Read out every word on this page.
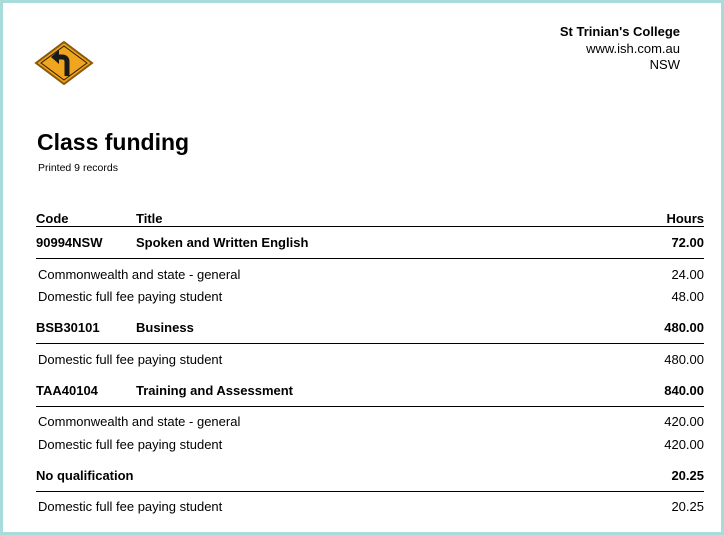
St Trinian's College
www.ish.com.au
NSW
Class funding
Printed 9 records
Code	Title	Hours
90994NSW	Spoken and Written English	72.00
Commonwealth and state - general	24.00
Domestic full fee paying student	48.00
BSB30101	Business	480.00
Domestic full fee paying student	480.00
TAA40104	Training and Assessment	840.00
Commonwealth and state - general	420.00
Domestic full fee paying student	420.00
No qualification	20.25
Domestic full fee paying student	20.25
